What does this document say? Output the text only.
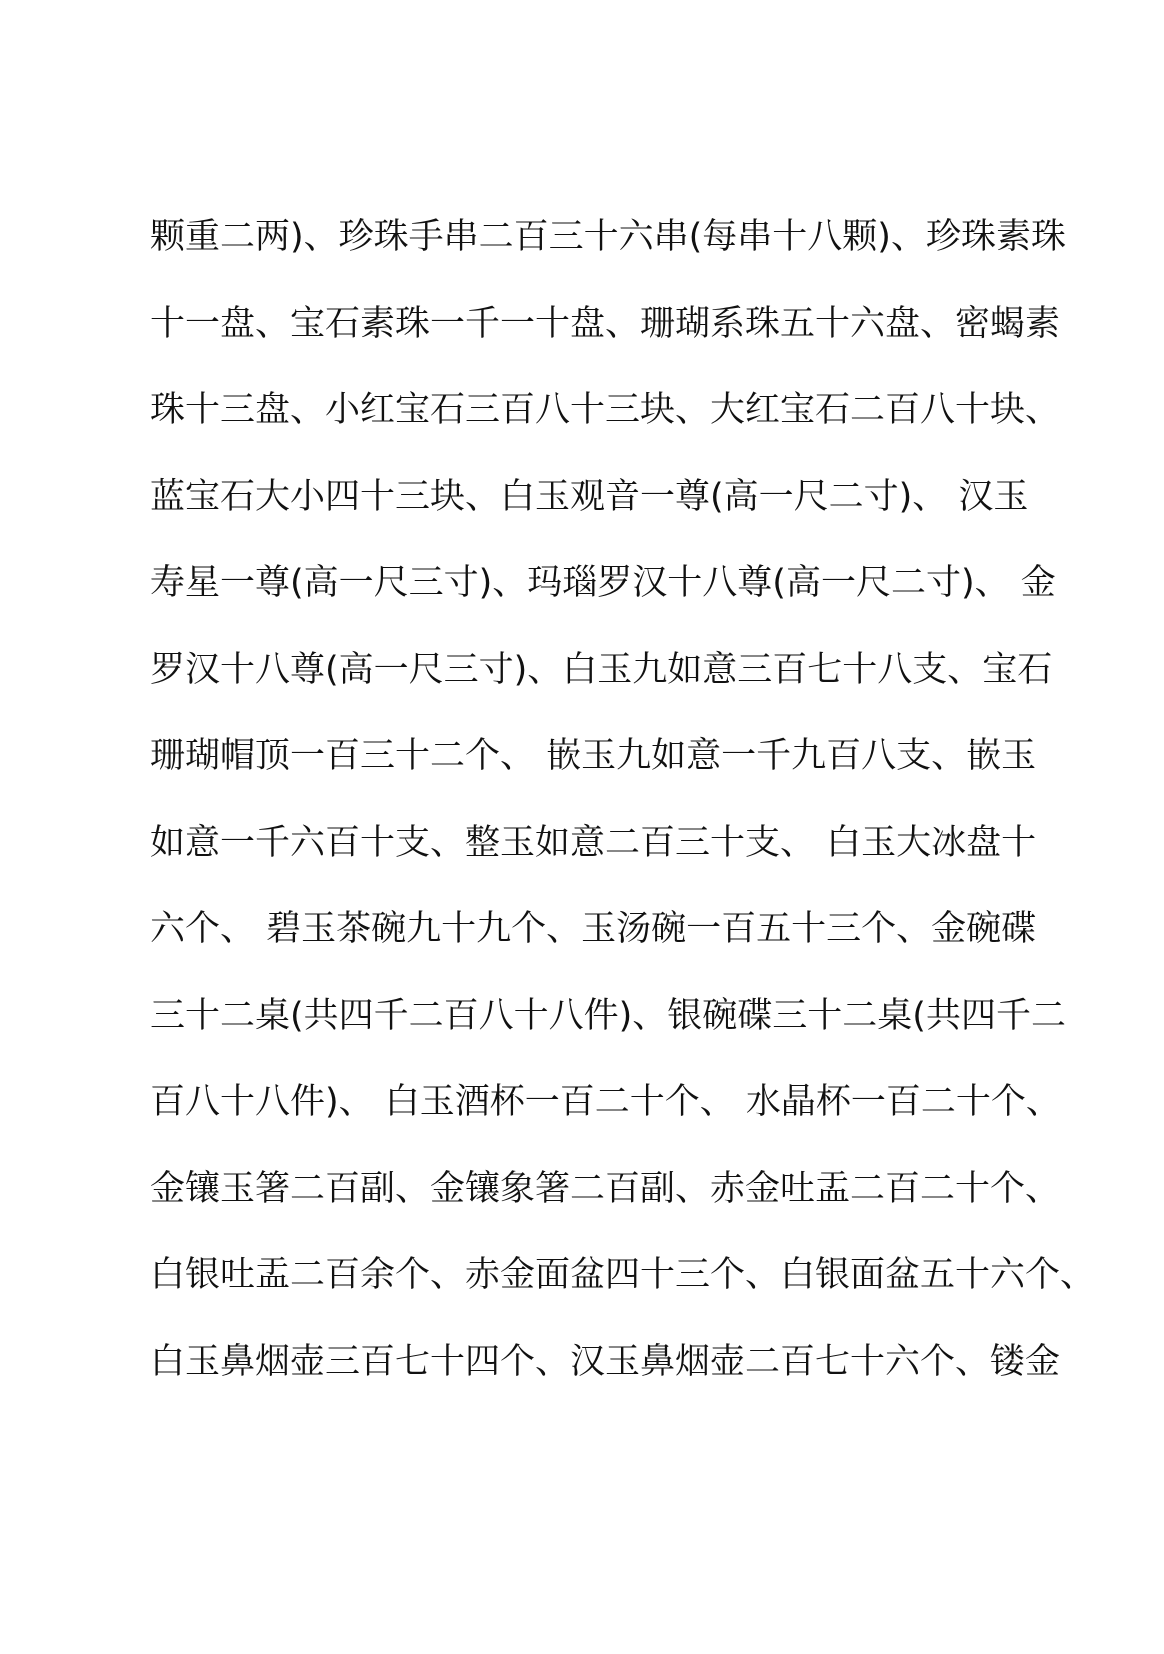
颗重二两)、珍珠手串二百三十六串(每串十八颗)、珍珠素珠
十一盘、宝石素珠一千一十盘、珊瑚系珠五十六盘、密蝎素
珠十三盘、小红宝石三百八十三块、大红宝石二百八十块、
蓝宝石大小四十三块、白玉观音一尊(高一尺二寸)、 汉玉
寿星一尊(高一尺三寸)、玛瑙罗汉十八尊(高一尺二寸)、 金
罗汉十八尊(高一尺三寸)、白玉九如意三百七十八支、宝石
珊瑚帽顶一百三十二个、 嵌玉九如意一千九百八支、嵌玉
如意一千六百十支、整玉如意二百三十支、 白玉大冰盘十
六个、 碧玉茶碗九十九个、玉汤碗一百五十三个、金碗碟
三十二桌(共四千二百八十八件)、银碗碟三十二桌(共四千二
百八十八件)、 白玉酒杯一百二十个、 水晶杯一百二十个、
金镶玉箸二百副、金镶象箸二百副、赤金吐盂二百二十个、
白银吐盂二百余个、赤金面盆四十三个、白银面盆五十六个、
白玉鼻烟壶三百七十四个、汉玉鼻烟壶二百七十六个、镂金
